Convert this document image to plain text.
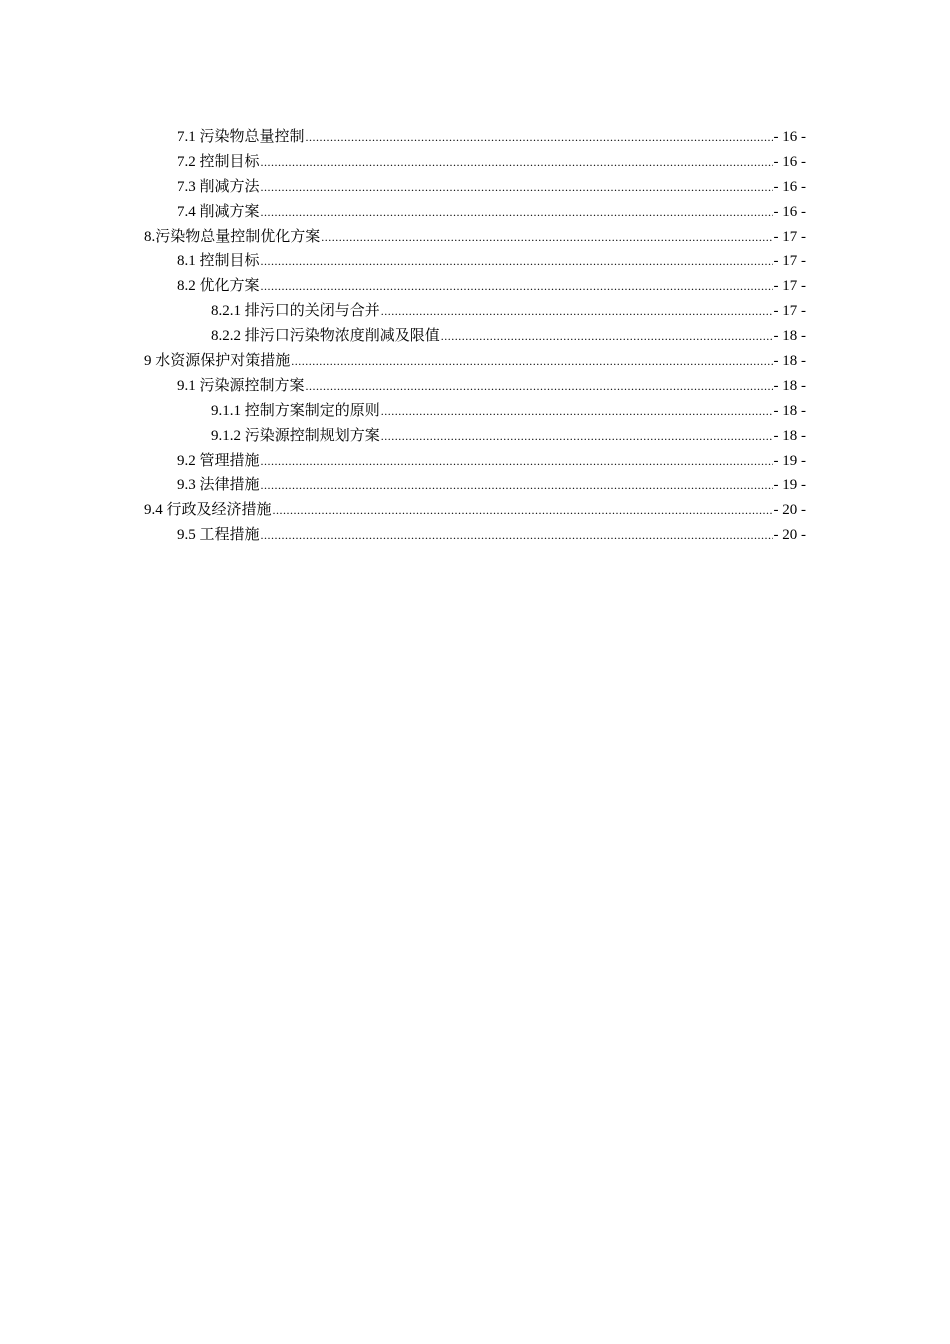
7.1 污染物总量控制 .....	- 16 -
7.2 控制目标 .....	- 16 -
7.3 削减方法 .....	- 16 -
7.4 削减方案 .....	- 16 -
8.污染物总量控制优化方案 .....	- 17 -
8.1 控制目标 .....	- 17 -
8.2 优化方案 .....	- 17 -
8.2.1 排污口的关闭与合并 .....	- 17 -
8.2.2 排污口污染物浓度削减及限值 .....	- 18 -
9 水资源保护对策措施 .....	- 18 -
9.1 污染源控制方案 .....	- 18 -
9.1.1 控制方案制定的原则 .....	- 18 -
9.1.2 污染源控制规划方案 .....	- 18 -
9.2 管理措施 .....	- 19 -
9.3 法律措施 .....	- 19 -
9.4 行政及经济措施 .....	- 20 -
9.5 工程措施 .....	- 20 -
